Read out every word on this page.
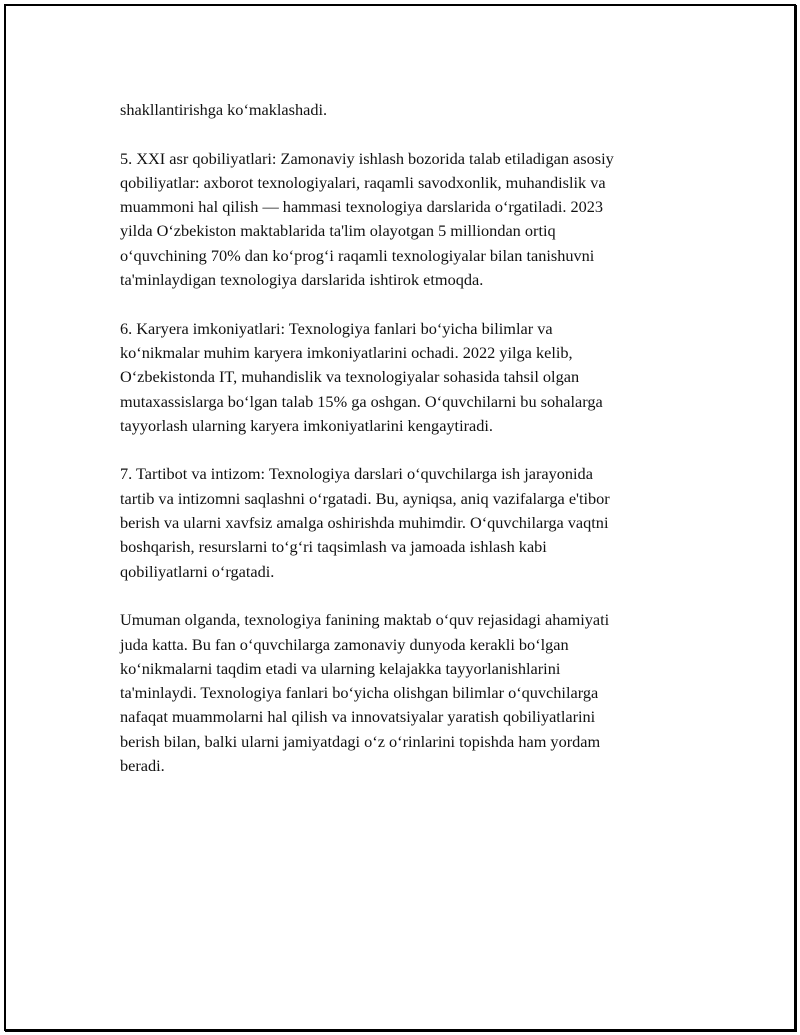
shakllantirishga ko‘maklashadi.

5. XXI asr qobiliyatlari: Zamonaviy ishlash bozorida talab etiladigan asosiy
qobiliyatlar: axborot texnologiyalari, raqamli savodxonlik, muhandislik va
muammoni hal qilish — hammasi texnologiya darslarida o‘rgatiladi. 2023
yilda O‘zbekiston maktablarida ta'lim olayotgan 5 milliondan ortiq
o‘quvchining 70% dan ko‘prog‘i raqamli texnologiyalar bilan tanishuvni
ta'minlaydigan texnologiya darslarida ishtirok etmoqda.

6. Karyera imkoniyatlari: Texnologiya fanlari bo‘yicha bilimlar va
ko‘nikmalar muhim karyera imkoniyatlarini ochadi. 2022 yilga kelib,
O‘zbekistonda IT, muhandislik va texnologiyalar sohasida tahsil olgan
mutaxassislarga bo‘lgan talab 15% ga oshgan. O‘quvchilarni bu sohalarga
tayyorlash ularning karyera imkoniyatlarini kengaytiradi.

7. Tartibot va intizom: Texnologiya darslari o‘quvchilarga ish jarayonida
tartib va intizomni saqlashni o‘rgatadi. Bu, ayniqsa, aniq vazifalarga e'tibor
berish va ularni xavfsiz amalga oshirishda muhimdir. O‘quvchilarga vaqtni
boshqarish, resurslarni to‘g‘ri taqsimlash va jamoada ishlash kabi
qobiliyatlarni o‘rgatadi.

Umuman olganda, texnologiya fanining maktab o‘quv rejasidagi ahamiyati
juda katta. Bu fan o‘quvchilarga zamonaviy dunyoda kerakli bo‘lgan
ko‘nikmalarni taqdim etadi va ularning kelajakka tayyorlanishlarini
ta'minlaydi. Texnologiya fanlari bo‘yicha olishgan bilimlar o‘quvchilarga
nafaqat muammolarni hal qilish va innovatsiyalar yaratish qobiliyatlarini
berish bilan, balki ularni jamiyatdagi o‘z o‘rinlarini topishda ham yordam
beradi.
